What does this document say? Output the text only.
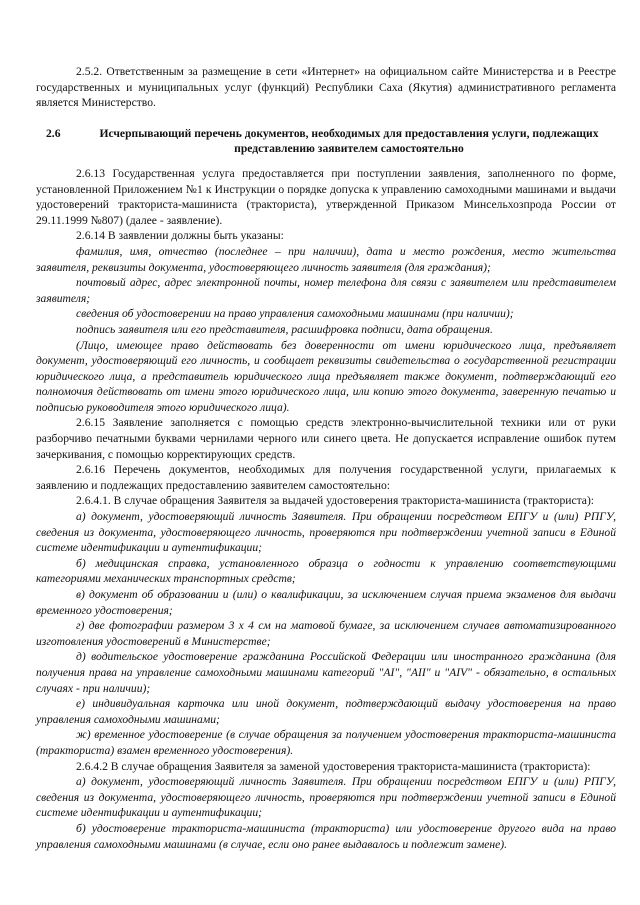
2.5.2. Ответственным за размещение в сети «Интернет» на официальном сайте Министерства и в Реестре государственных и муниципальных услуг (функций) Республики Саха (Якутия) административного регламента является Министерство.

2.6	Исчерпывающий перечень документов, необходимых для предоставления услуги, подлежащих представлению заявителем самостоятельно

2.6.13 Государственная услуга предоставляется при поступлении заявления, заполненного по форме, установленной Приложением №1 к Инструкции о порядке допуска к управлению самоходными машинами и выдачи удостоверений тракториста-машиниста (тракториста), утвержденной Приказом Минсельхозпрода России от 29.11.1999 №807) (далее - заявление).

2.6.14 В заявлении должны быть указаны:

фамилия, имя, отчество (последнее – при наличии), дата и место рождения, место жительства заявителя, реквизиты документа, удостоверяющего личность заявителя (для граждания);

почтовый адрес, адрес электронной почты, номер телефона для связи с заявителем или представителем заявителя;

сведения об удостоверении на право управления самоходными машинами (при наличии);

подпись заявителя или его представителя, расшифровка подписи, дата обращения.

(Лицо, имеющее право действовать без доверенности от имени юридического лица, предъявляет документ, удостоверяющий его личность, и сообщает реквизиты свидетельства о государственной регистрации юридического лица, а представитель юридического лица предъявляет также документ, подтверждающий его полномочия действовать от имени этого юридического лица, или копию этого документа, заверенную печатью и подписью руководителя этого юридического лица).

2.6.15 Заявление заполняется с помощью средств электронно-вычислительной техники или от руки разборчиво печатными буквами чернилами черного или синего цвета. Не допускается исправление ошибок путем зачеркивания, с помощью корректирующих средств.

2.6.16 Перечень документов, необходимых для получения государственной услуги, прилагаемых к заявлению и подлежащих предоставлению заявителем самостоятельно:

2.6.4.1. В случае обращения Заявителя за выдачей удостоверения тракториста-машиниста (тракториста):

а) документ, удостоверяющий личность Заявителя. При обращении посредством ЕПГУ и (или) РПГУ, сведения из документа, удостоверяющего личность, проверяются при подтверждении учетной записи в Единой системе идентификации и аутентификации;

б) медицинская справка, установленного образца о годности к управлению соответствующими категориями механических транспортных средств;

в) документ об образовании и (или) о квалификации, за исключением случая приема экзаменов для выдачи временного удостоверения;

г) две фотографии размером 3 х 4 см на матовой бумаге, за исключением случаев автоматизированного изготовления удостоверений в Министерстве;

д) водительское удостоверение гражданина Российской Федерации или иностранного гражданина (для получения права на управление самоходными машинами категорий "AI", "AII" и "AIV" - обязательно, в остальных случаях - при наличии);

е) индивидуальная карточка или иной документ, подтверждающий выдачу удостоверения на право управления самоходными машинами;

ж) временное удостоверение (в случае обращения за получением удостоверения тракториста-машиниста (тракториста) взамен временного удостоверения).

2.6.4.2 В случае обращения Заявителя за заменой удостоверения тракториста-машиниста (тракториста):

а) документ, удостоверяющий личность Заявителя. При обращении посредством ЕПГУ и (или) РПГУ, сведения из документа, удостоверяющего личность, проверяются при подтверждении учетной записи в Единой системе идентификации и аутентификации;

б) удостоверение тракториста-машиниста (тракториста) или удостоверение другого вида на право управления самоходными машинами (в случае, если оно ранее выдавалось и подлежит замене).
